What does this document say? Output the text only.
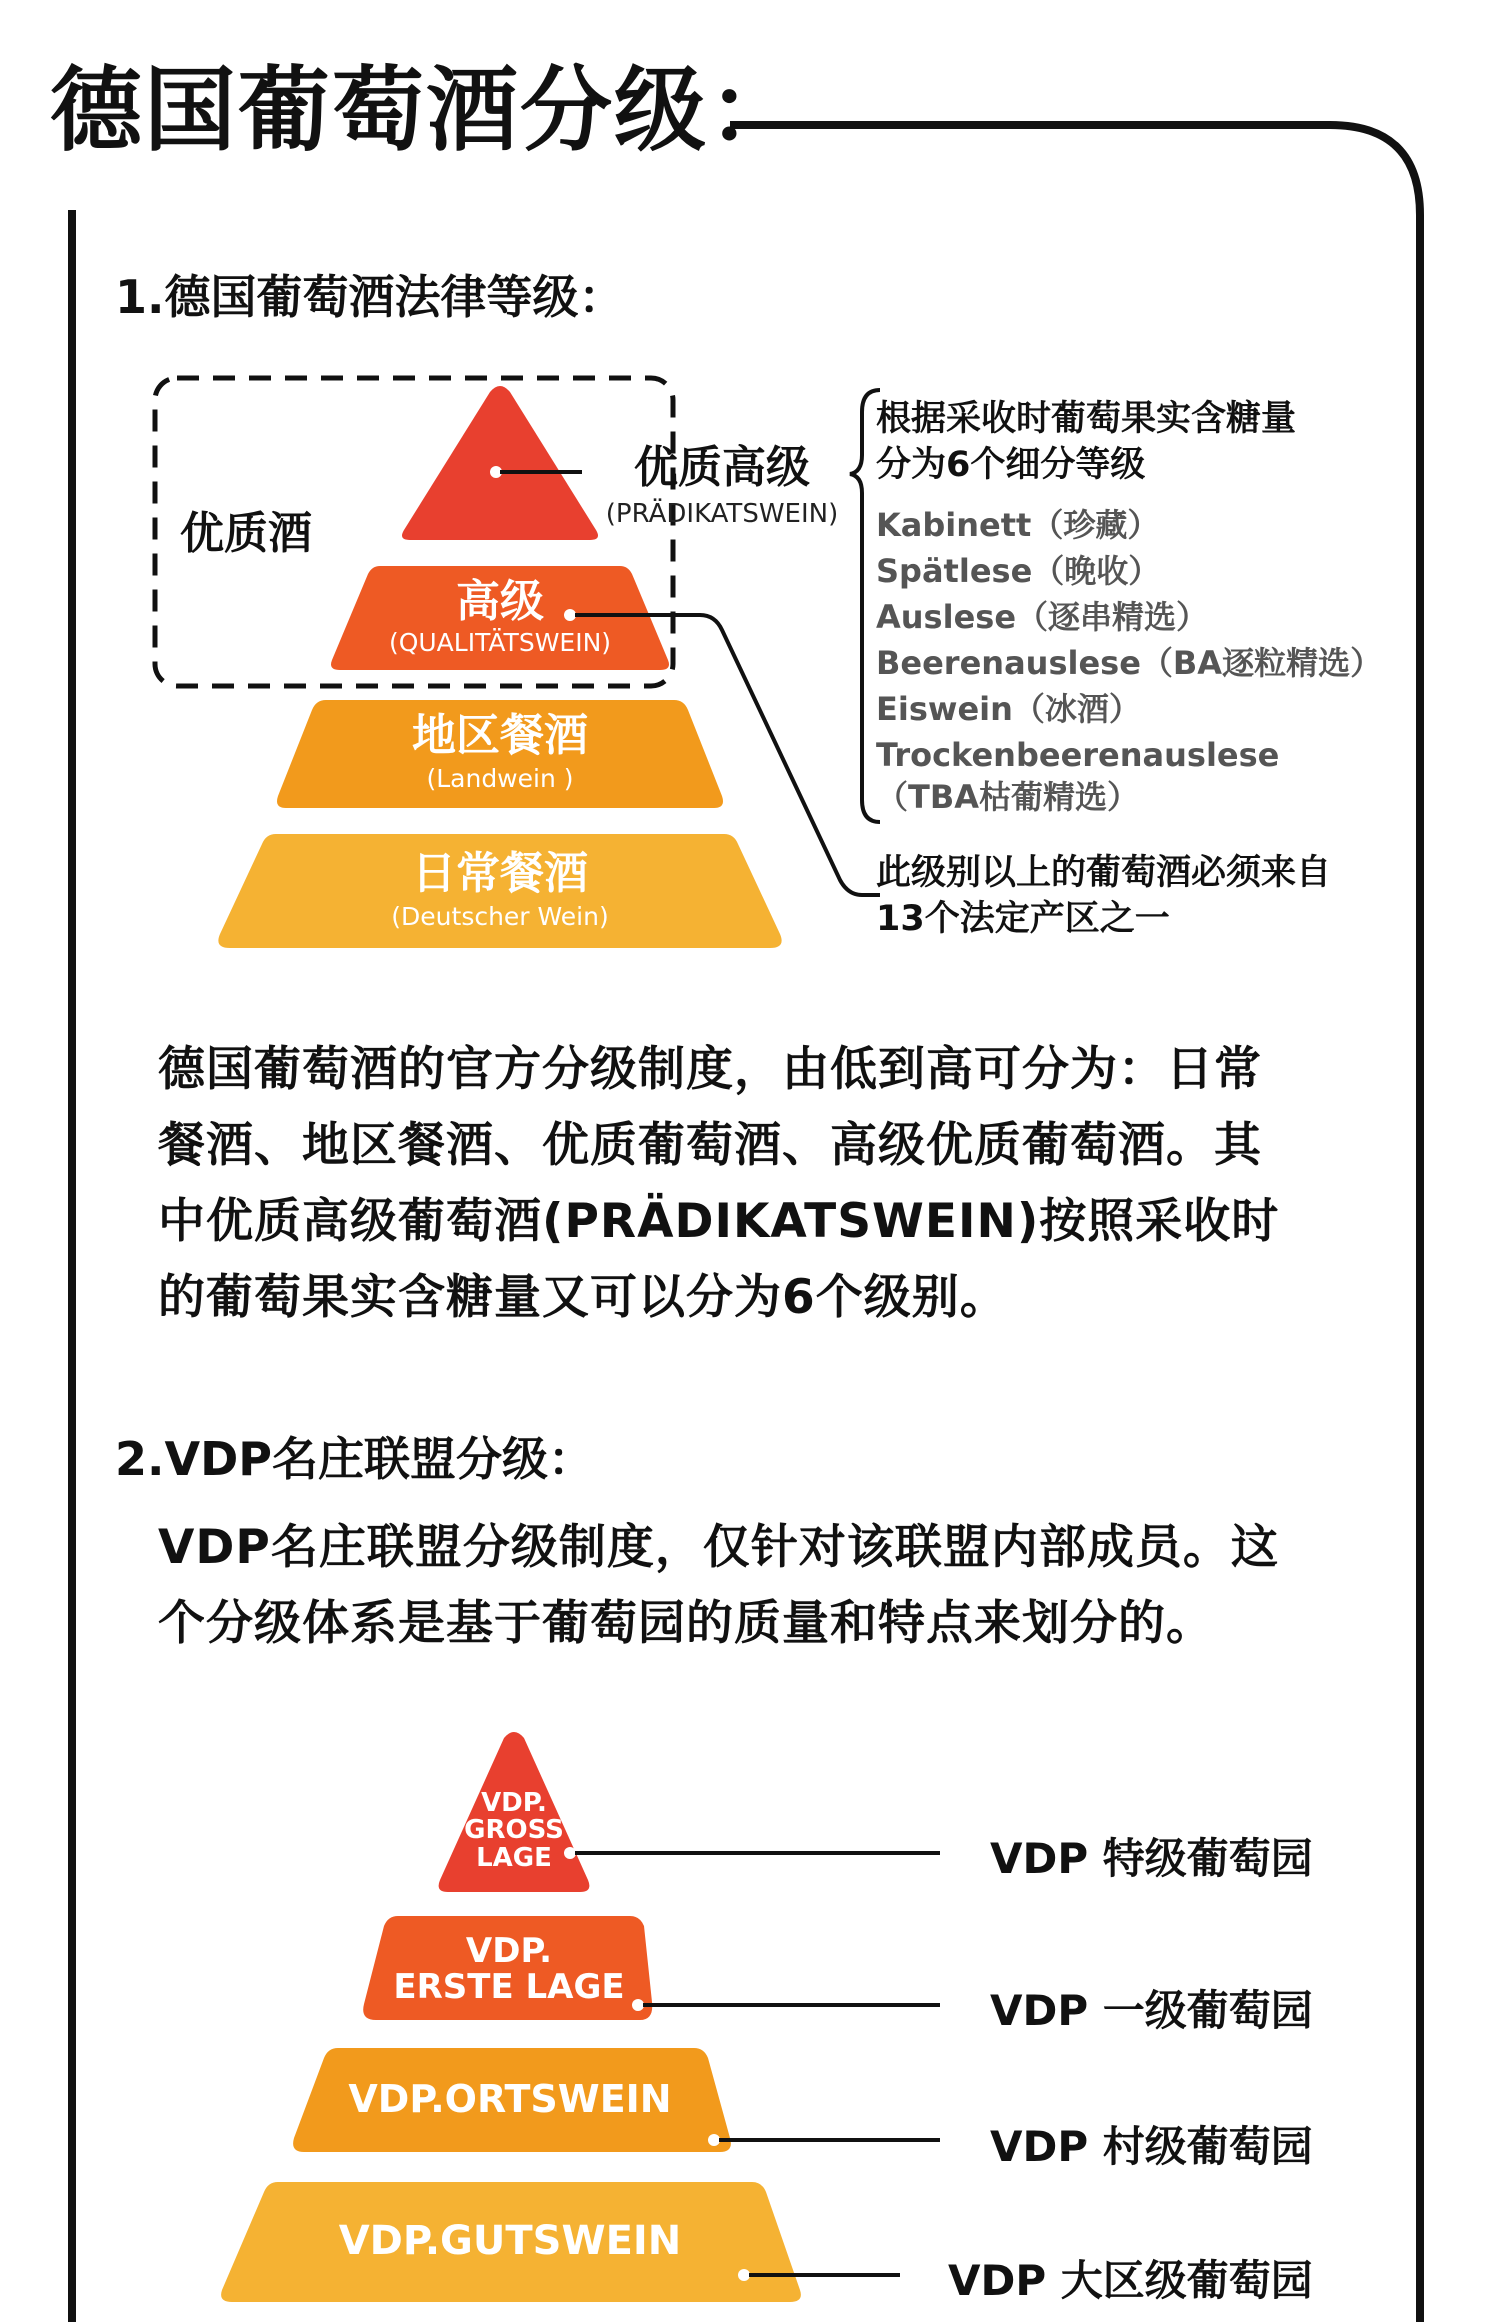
德国葡萄酒分级：
1.德国葡萄酒法律等级：
优质酒
优质高级
(PRÄDIKATSWEIN)
高级
(QUALITÄTSWEIN)
地区餐酒
(Landwein )
日常餐酒
(Deutscher Wein)
根据采收时葡萄果实含糖量
分为6个细分等级
Kabinett（珍藏）
Spätlese（晚收）
Auslese（逐串精选）
Beerenauslese（BA逐粒精选）
Eiswein（冰酒）
Trockenbeerenauslese
（TBA枯葡精选）
此级别以上的葡萄酒必须来自
13个法定产区之一
德国葡萄酒的官方分级制度，由低到高可分为：日常
餐酒、地区餐酒、优质葡萄酒、高级优质葡萄酒。其
中优质高级葡萄酒(PRÄDIKATSWEIN)按照采收时
的葡萄果实含糖量又可以分为6个级别。
2.VDP名庄联盟分级：
VDP名庄联盟分级制度，仅针对该联盟内部成员。这
个分级体系是基于葡萄园的质量和特点来划分的。
VDP.
GROSS
LAGE
VDP.
ERSTE LAGE
VDP.ORTSWEIN
VDP.GUTSWEIN
VDP 特级葡萄园
VDP 一级葡萄园
VDP 村级葡萄园
VDP 大区级葡萄园
